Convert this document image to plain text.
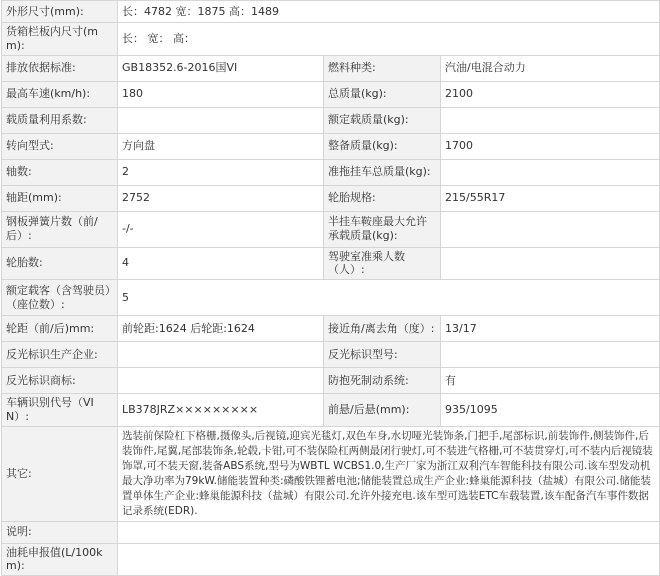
外形尺寸(mm):	长：4782 宽：1875 高：1489		
货箱栏板内尺寸(mm):	长： 宽： 高：		
排放依据标准:	GB18352.6-2016国VI	燃料种类:	汽油/电混合动力
最高车速(km/h):	180	总质量(kg):	2100
载质量利用系数:		额定载质量(kg):	
转向型式:	方向盘	整备质量(kg):	1700
轴数:	2	准拖挂车总质量(kg):	
轴距(mm):	2752	轮胎规格:	215/55R17
钢板弹簧片数（前/后）:	-/-	半挂车鞍座最大允许承载质量(kg):	
轮胎数:	4	驾驶室准乘人数（人）:	
额定载客（含驾驶员）（座位数）:	5		
轮距（前/后)mm:	前轮距:1624 后轮距:1624	接近角/离去角（度）:	13/17
反光标识生产企业:		反光标识型号:	
反光标识商标:		防抱死制动系统:	有
车辆识别代号（VIN）:	LB378JRZ×××××××××	前悬/后悬(mm):	935/1095
其它:	选装前保险杠下格栅,摄像头,后视镜,迎宾光毯灯,双色车身,水切哑光装饰条,门把手,尾部标识,前装饰件,侧装饰件,后装饰件,尾翼,尾部装饰条,轮毂,卡钳,可不装保险杠两侧最闭行驶灯,可不装进气格栅,可不装贯穿灯,可不装内后视镜装饰罩,可不装天窗,装备ABS系统,型号为WBTL WCBS1.0,生产厂家为浙江双利汽车智能科技有限公司.该车型发动机最大净功率为79kW.储能装置种类:磷酸铁锂蓄电池;储能装置总成生产企业:蜂巢能源科技（盐城）有限公司.储能装置单体生产企业:蜂巢能源科技（盐城）有限公司.允许外接充电.该车型可选装ETC车载装置,该车配备汽车事件数据记录系统(EDR).		
说明:			
油耗申报值(L/100km):			
